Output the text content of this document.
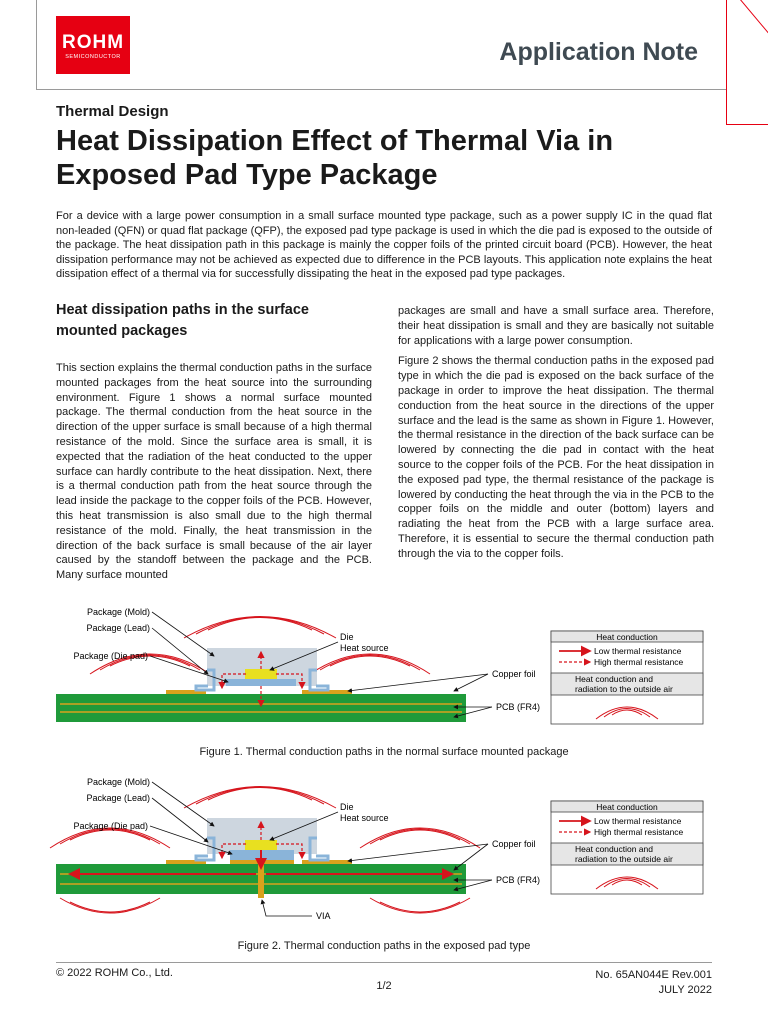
ROHM
SEMICONDUCTOR	Application Note
Thermal Design
Heat Dissipation Effect of Thermal Via in
Exposed Pad Type Package

For a device with a large power consumption in a small surface mounted type package, such as a power supply IC in the quad flat non-leaded (QFN) or quad flat package (QFP), the exposed pad type package is used in which the die pad is exposed to the outside of the package. The heat dissipation path in this package is mainly the copper foils of the printed circuit board (PCB). However, the heat dissipation performance may not be achieved as expected due to difference in the PCB layouts. This application note explains the heat dissipation effect of a thermal via for successfully dissipating the heat in the exposed pad type packages.

Heat dissipation paths in the surface mounted packages

This section explains the thermal conduction paths in the surface mounted packages from the heat source into the surrounding environment. Figure 1 shows a normal surface mounted package. The thermal conduction from the heat source in the direction of the upper surface is small because of a high thermal resistance of the mold. Since the surface area is small, it is expected that the radiation of the heat conducted to the upper surface can hardly contribute to the heat dissipation. Next, there is a thermal conduction path from the heat source through the lead inside the package to the copper foils of the PCB. However, this heat transmission is also small due to the high thermal resistance of the mold. Finally, the heat transmission in the direction of the back surface is small because of the air layer caused by the standoff between the package and the PCB. Many surface mounted

packages are small and have a small surface area. Therefore, their heat dissipation is small and they are basically not suitable for applications with a large power consumption.

Figure 2 shows the thermal conduction paths in the exposed pad type in which the die pad is exposed on the back surface of the package in order to improve the heat dissipation. The thermal conduction from the heat source in the directions of the upper surface and the lead is the same as shown in Figure 1. However, the thermal resistance in the direction of the back surface can be lowered by connecting the die pad in contact with the heat source to the copper foils of the PCB. For the heat dissipation in the exposed pad type, the thermal resistance of the package is lowered by conducting the heat through the via in the PCB to the copper foils on the middle and outer (bottom) layers and radiating the heat from the PCB with a large surface area. Therefore, it is essential to secure the thermal conduction path through the via to the copper foils.

Package (Mold)
Package (Lead)
Package (Die pad)
Die
Heat source
Copper foil
PCB (FR4)
Heat conduction
Low thermal resistance
High thermal resistance
Heat conduction and
radiation to the outside air
Figure 1. Thermal conduction paths in the normal surface mounted package
Package (Mold)
Package (Lead)
Package (Die pad)
Die
Heat source
Copper foil
PCB (FR4)
VIA
Heat conduction
Low thermal resistance
High thermal resistance
Heat conduction and
radiation to the outside air
Figure 2. Thermal conduction paths in the exposed pad type
© 2022 ROHM Co., Ltd.
1/2
No. 65AN044E Rev.001
JULY 2022
